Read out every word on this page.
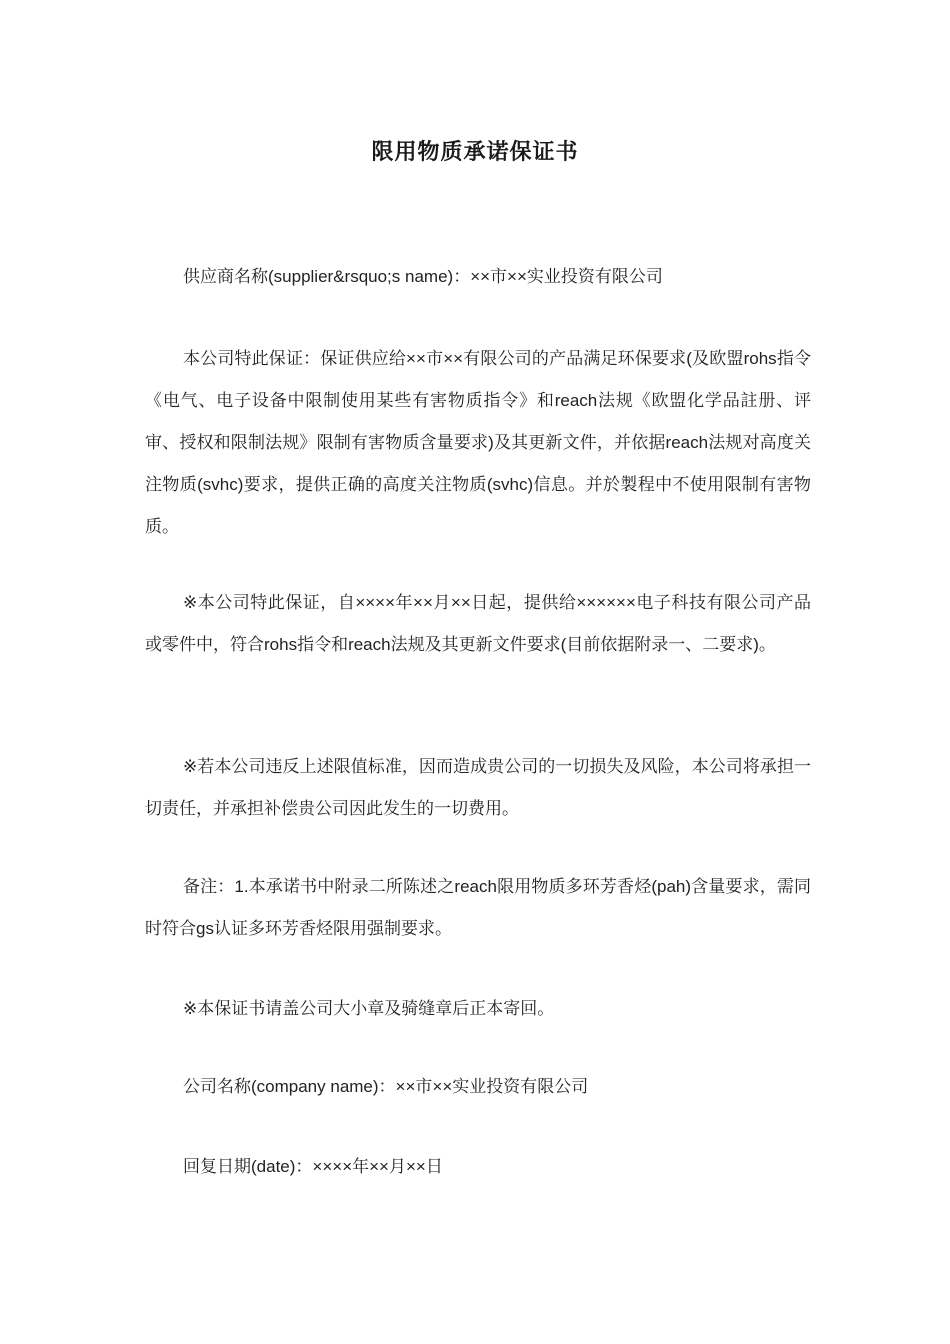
限用物质承诺保证书

供应商名称(supplier&rsquo;s name)：××市××实业投资有限公司

本公司特此保证：保证供应给××市××有限公司的产品满足环保要求(及欧盟rohs指令《电气、电子设备中限制使用某些有害物质指令》和reach法规《欧盟化学品註册、评审、授权和限制法规》限制有害物质含量要求)及其更新文件，并依据reach法规对高度关注物质(svhc)要求，提供正确的高度关注物质(svhc)信息。并於製程中不使用限制有害物质。

※本公司特此保证，自××××年××月××日起，提供给××××××电子科技有限公司产品或零件中，符合rohs指令和reach法规及其更新文件要求(目前依据附录一、二要求)。

※若本公司违反上述限值标准，因而造成贵公司的一切损失及风险，本公司将承担一切责任，并承担补偿贵公司因此发生的一切费用。

备注：1.本承诺书中附录二所陈述之reach限用物质多环芳香烃(pah)含量要求，需同时符合gs认证多环芳香烃限用强制要求。

※本保证书请盖公司大小章及骑缝章后正本寄回。

公司名称(company name)：××市××实业投资有限公司

回复日期(date)：××××年××月××日
